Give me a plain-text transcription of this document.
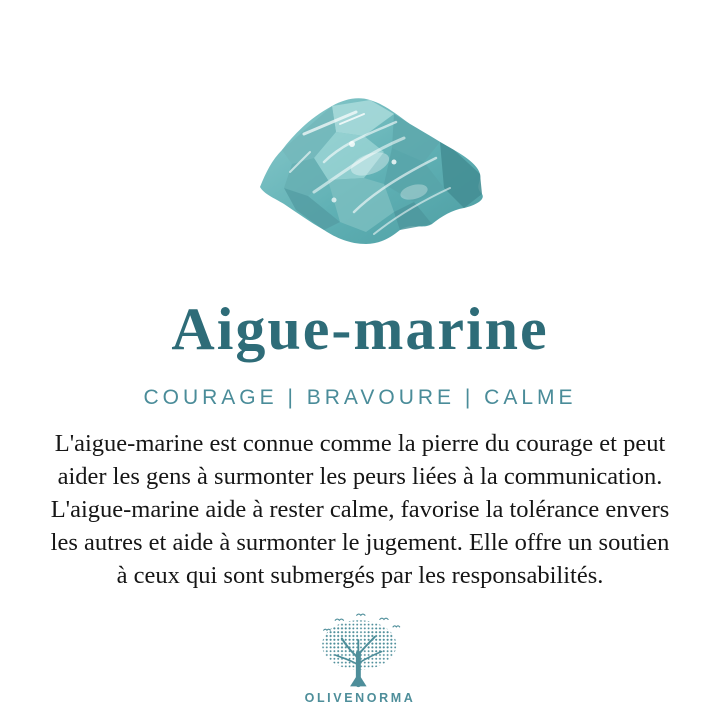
Aigue-marine
COURAGE | BRAVOURE | CALME
L'aigue-marine est connue comme la pierre du courage et peut
aider les gens à surmonter les peurs liées à la communication.
L'aigue-marine aide à rester calme, favorise la tolérance envers
les autres et aide à surmonter le jugement. Elle offre un soutien
à ceux qui sont submergés par les responsabilités.
OLIVENORMA
